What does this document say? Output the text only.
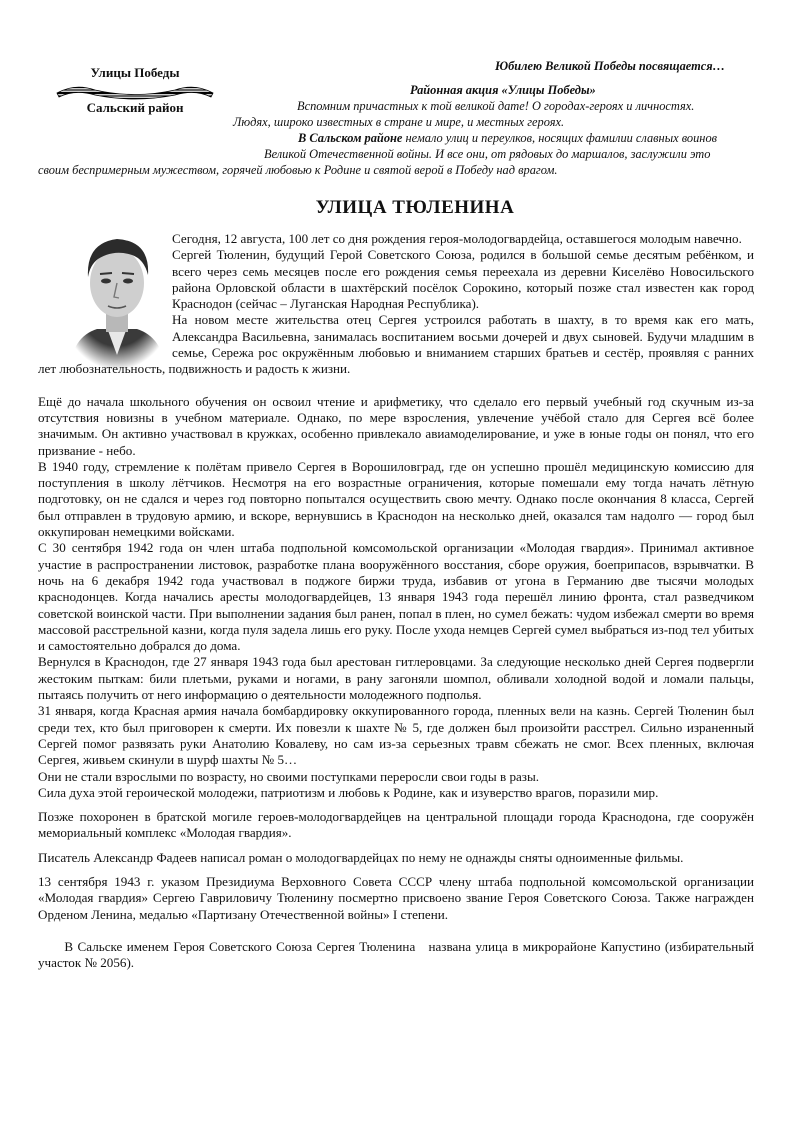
Улицы Победы
Сальский район
Юбилею Великой Победы посвящается…
Районная акция «Улицы Победы»
Вспомним причастных к той великой дате! О городах-героях и личностях.
Людях, широко известных в стране и мире, и местных героях.
В Сальском районе немало улиц и переулков, носящих фамилии славных воинов
Великой Отечественной войны. И все они, от рядовых до маршалов, заслужили это
своим беспримерным мужеством, горячей любовью к Родине и святой верой в Победу над врагом.
УЛИЦА ТЮЛЕНИНА

Сегодня, 12 августа, 100 лет со дня рождения героя-молодогвардейца, оставшегося молодым навечно.

Сергей Тюленин, будущий Герой Советского Союза, родился в большой семье десятым ребёнком, и всего через семь месяцев после его рождения семья переехала из деревни Киселёво Новосильского района Орловской области в шахтёрский посёлок Сорокино, который позже стал известен как город Краснодон (сейчас – Луганская Народная Республика).

На новом месте жительства отец Сергея устроился работать в шахту, в то время как его мать, Александра Васильевна, занималась воспитанием восьми дочерей и двух сыновей. Будучи младшим в семье, Сережа рос окружённым любовью и вниманием старших братьев и сестёр, проявляя с ранних лет любознательность, подвижность и радость к жизни.

Ещё до начала школьного обучения он освоил чтение и арифметику, что сделало его первый учебный год скучным из-за отсутствия новизны в учебном материале. Однако, по мере взросления, увлечение учёбой стало для Сергея всё более значимым. Он активно участвовал в кружках, особенно привлекало авиамоделирование, и уже в юные годы он понял, что его призвание - небо.

В 1940 году, стремление к полётам привело Сергея в Ворошиловград, где он успешно прошёл медицинскую комиссию для поступления в школу лётчиков. Несмотря на его возрастные ограничения, которые помешали ему тогда начать лётную подготовку, он не сдался и через год повторно попытался осуществить свою мечту. Однако после окончания 8 класса, Сергей был отправлен в трудовую армию, и вскоре, вернувшись в Краснодон на несколько дней, оказался там надолго — город был оккупирован немецкими войсками.

С 30 сентября 1942 года он член штаба подпольной комсомольской организации «Молодая гвардия». Принимал активное участие в распространении листовок, разработке плана вооружённого восстания, сборе оружия, боеприпасов, взрывчатки. В ночь на 6 декабря 1942 года участвовал в поджоге биржи труда, избавив от угона в Германию две тысячи молодых краснодонцев. Когда начались аресты молодогвардейцев, 13 января 1943 года перешёл линию фронта, стал разведчиком советской воинской части. При выполнении задания был ранен, попал в плен, но сумел бежать: чудом избежал смерти во время массовой расстрельной казни, когда пуля задела лишь его руку. После ухода немцев Сергей сумел выбраться из-под тел убитых и самостоятельно добрался до дома.

Вернулся в Краснодон, где 27 января 1943 года был арестован гитлеровцами. За следующие несколько дней Сергея подвергли жестоким пыткам: били плетьми, руками и ногами, в рану загоняли шомпол, обливали холодной водой и ломали пальцы, пытаясь получить от него информацию о деятельности молодежного подполья.

31 января, когда Красная армия начала бомбардировку оккупированного города, пленных вели на казнь. Сергей Тюленин был среди тех, кто был приговорен к смерти. Их повезли к шахте № 5, где должен был произойти расстрел. Сильно израненный Сергей помог развязать руки Анатолию Ковалеву, но сам из-за серьезных травм сбежать не смог. Всех пленных, включая Сергея, живьем скинули в шурф шахты № 5…

Они не стали взрослыми по возрасту, но своими поступками переросли свои годы в разы.

Сила духа этой героической молодежи, патриотизм и любовь к Родине, как и изуверство врагов, поразили мир.

Позже похоронен в братской могиле героев-молодогвардейцев на центральной площади города Краснодона, где сооружён мемориальный комплекс «Молодая гвардия».

Писатель Александр Фадеев написал роман о молодогвардейцах по нему не однажды сняты одноименные фильмы.

13 сентября 1943 г. указом Президиума Верховного Совета СССР члену штаба подпольной комсомольской организации «Молодая гвардия» Сергею Гавриловичу Тюленину посмертно присвоено звание Героя Советского Союза. Также награжден Орденом Ленина, медалью «Партизану Отечественной войны» I степени.

В Сальске именем Героя Советского Союза Сергея Тюленина   названа улица в микрорайоне Капустино (избирательный участок № 2056).
